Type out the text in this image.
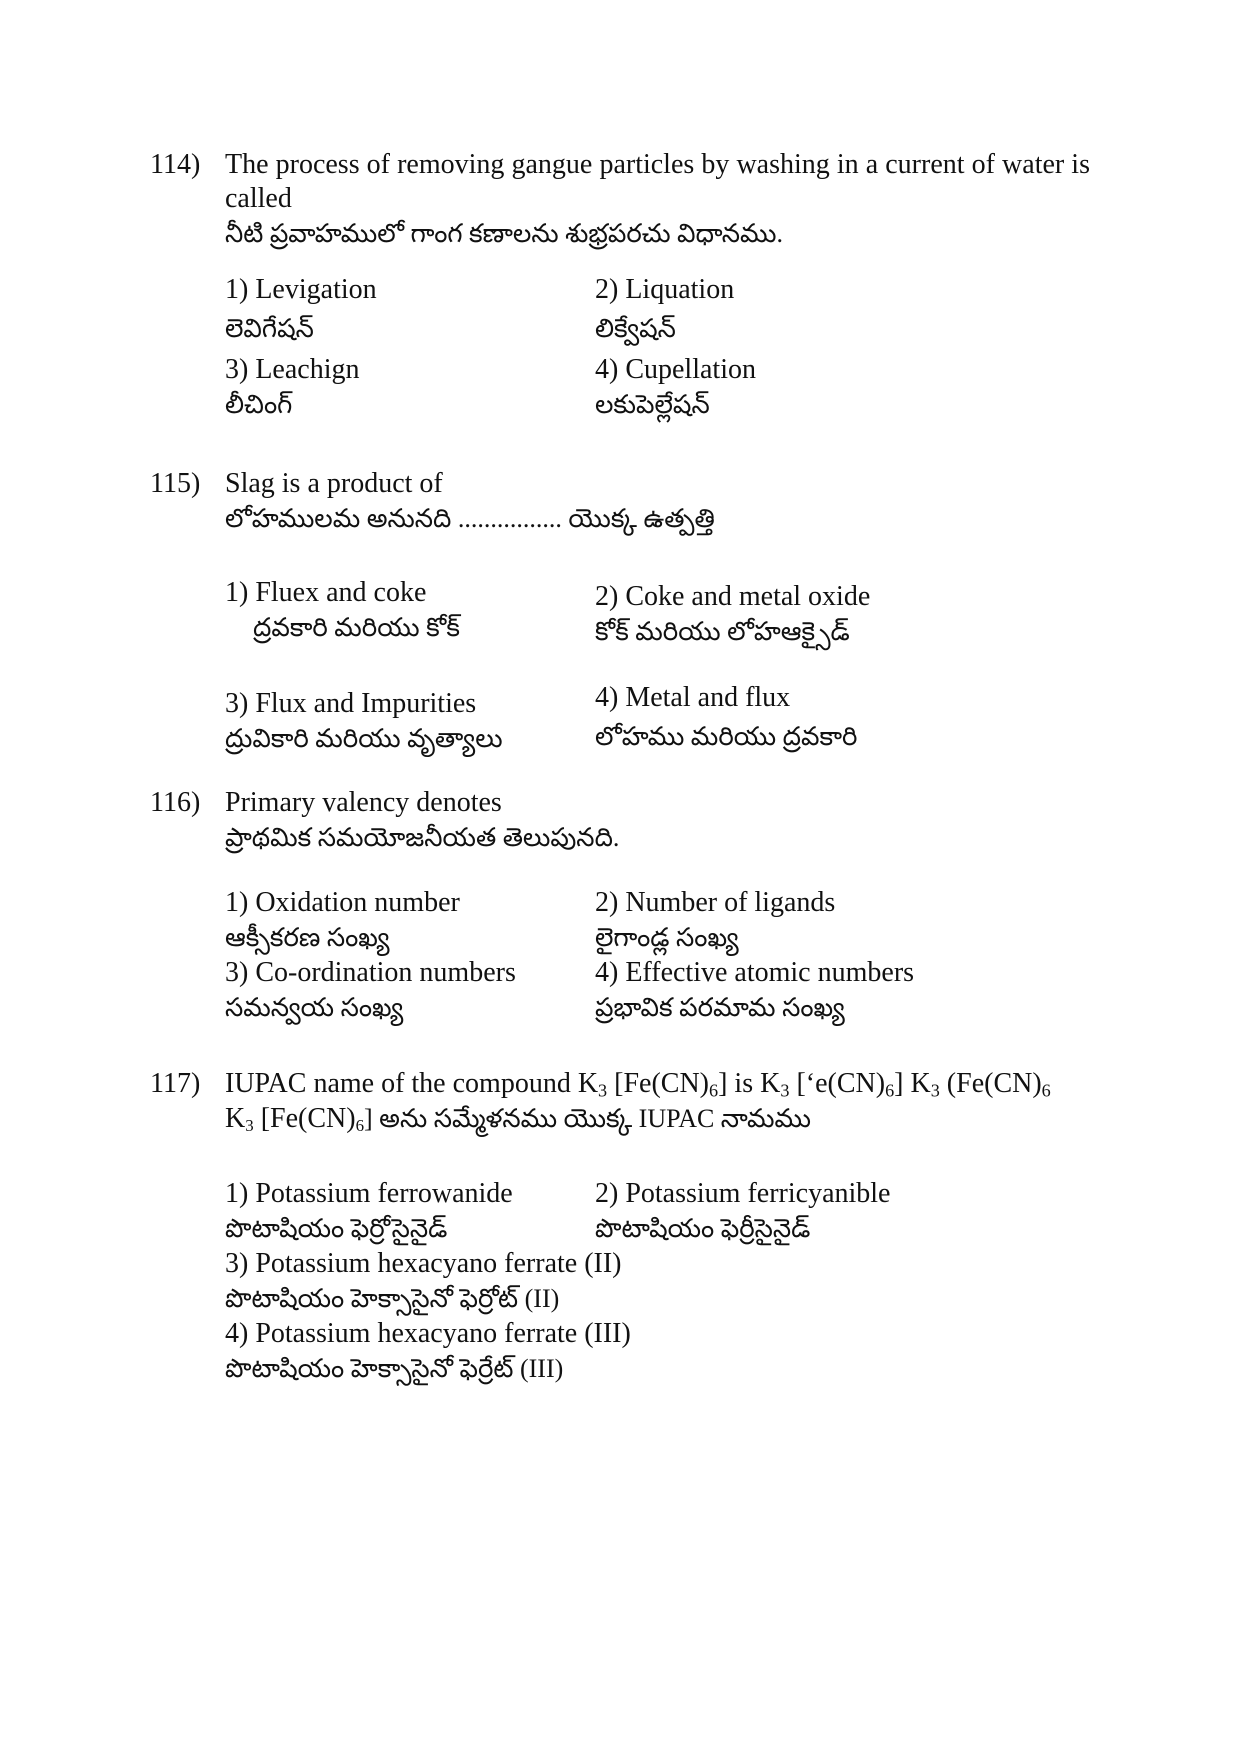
114) The process of removing gangue particles by washing in a current of water is called
నీటి ప్రవాహములో గాంగ కణాలను శుభ్రపరచు విధానము.
1) Levigation
లెవిగేషన్
2) Liquation
లిక్వేషన్
3) Leachign
లీచింగ్
4) Cupellation
లకుపెల్లేషన్
115) Slag is a product of
లోహములమ అనునది ................ యొక్క ఉత్పత్తి
1) Fluex and coke
ద్రవకారి మరియు కోక్
2) Coke and metal oxide
కోక్ మరియు లోహఆక్సైడ్
3) Flux and Impurities
ద్రువికారి మరియు వృత్యాలు
4) Metal and flux
లోహము మరియు ద్రవకారి
116) Primary valency denotes
ప్రాథమిక సమయోజనీయత తెలుపునది.
1) Oxidation number
ఆక్సీకరణ సంఖ్య
2) Number of ligands
లైగాండ్ల సంఖ్య
3) Co-ordination numbers
సమన్వయ సంఖ్య
4) Effective atomic numbers
ప్రభావిక పరమామ సంఖ్య
117) IUPAC name of the compound $K_3$ $[Fe(CN)_6]$ is $K_3$ $[‘e(CN)_6]$ $K_3$ ($Fe(CN)_6$
$K_3$ $[Fe(CN)_6]$ అను సమ్మేళనము యొక్క IUPAC నామము
1) Potassium ferrowanide
పొటాషియం ఫెర్రోసైనైడ్
2) Potassium ferricyanible
పొటాషియం ఫెర్రీసైనైడ్
3) Potassium hexacyano ferrate (II)
పొటాషియం హెక్సాసైనో ఫెర్రోట్ (II)
4) Potassium hexacyano ferrate (III)
పొటాషియం హెక్సాసైనో ఫెర్రేట్ (III)
